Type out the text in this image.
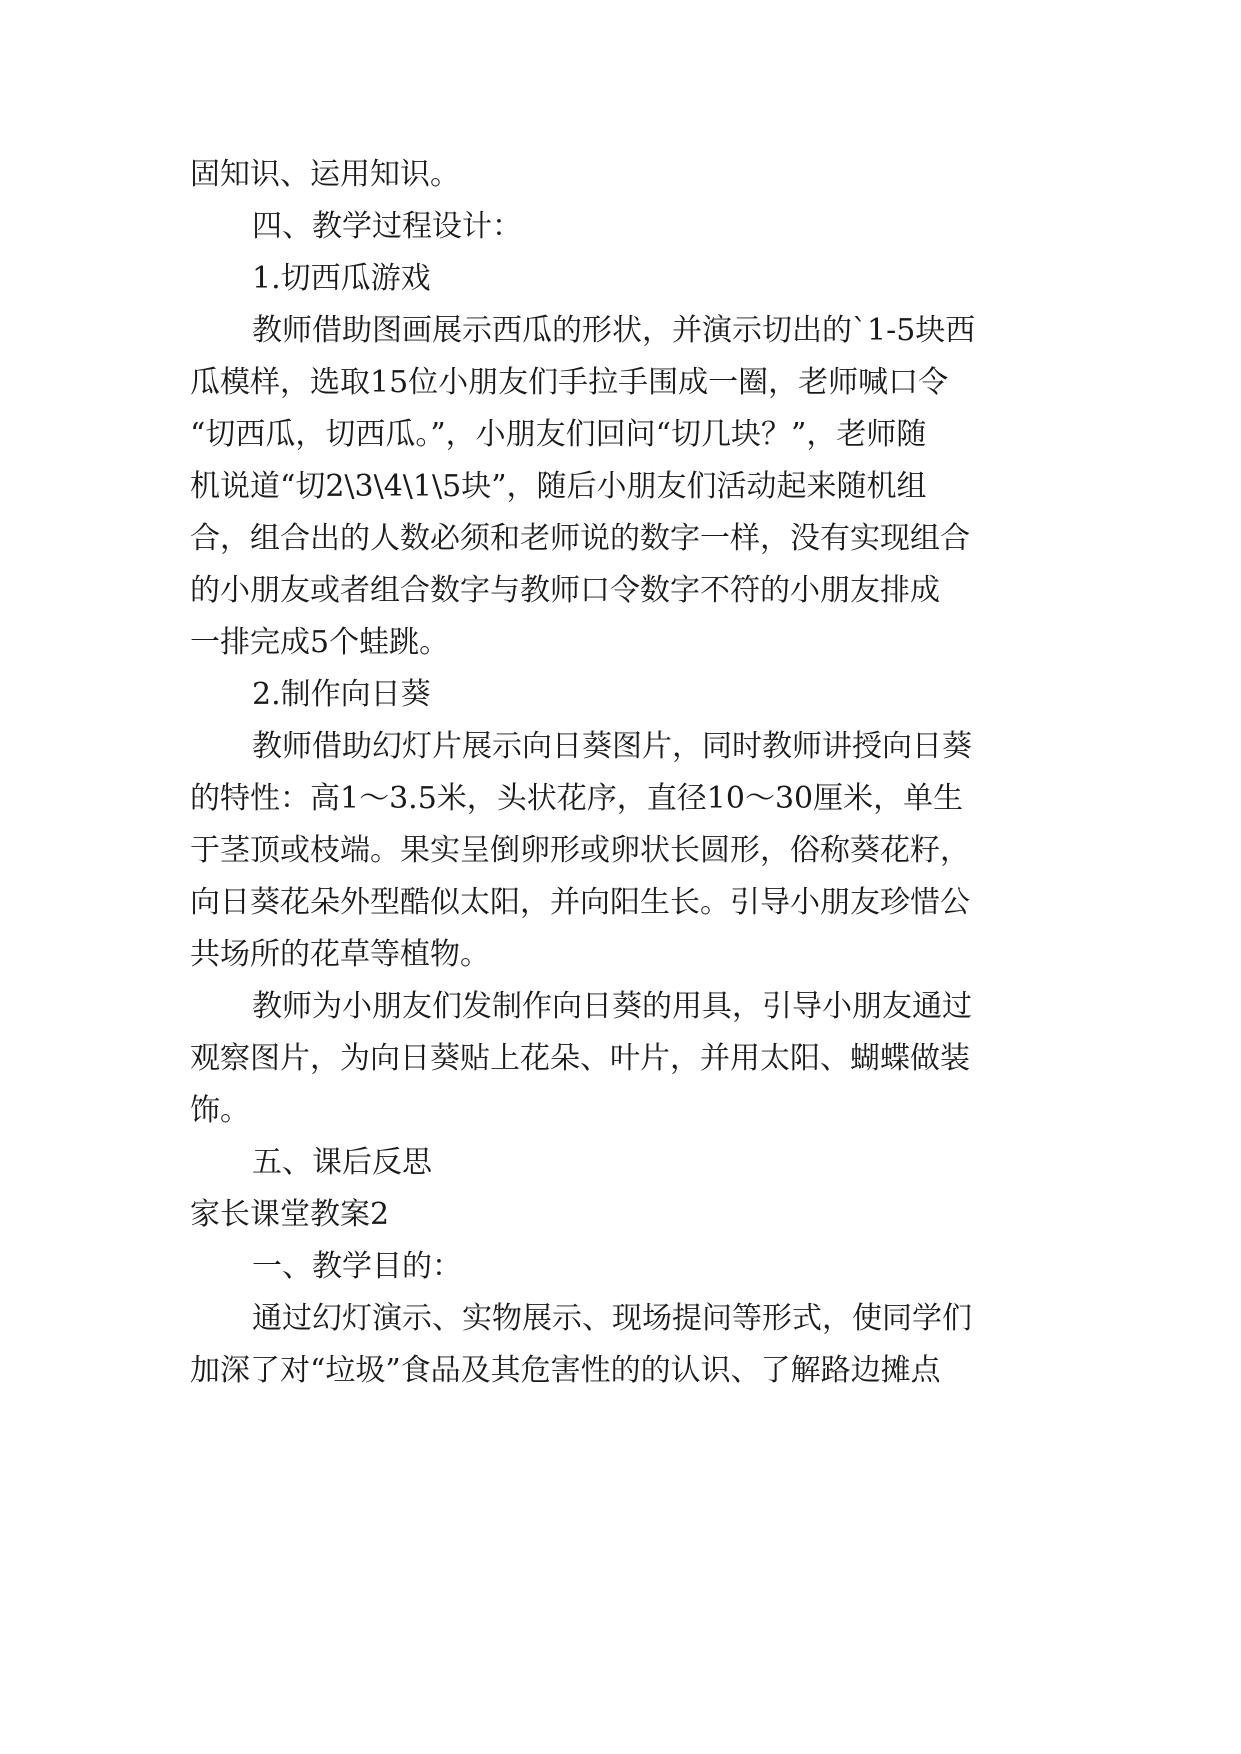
固知识、运用知识。
四、教学过程设计：
1.切西瓜游戏
教师借助图画展示西瓜的形状，并演示切出的`1-5块西
瓜模样，选取15位小朋友们手拉手围成一圈，老师喊口令
“切西瓜，切西瓜。”，小朋友们回问“切几块？”，老师随
机说道“切2\3\4\1\5块”，随后小朋友们活动起来随机组
合，组合出的人数必须和老师说的数字一样，没有实现组合
的小朋友或者组合数字与教师口令数字不符的小朋友排成
一排完成5个蛙跳。
2.制作向日葵
教师借助幻灯片展示向日葵图片，同时教师讲授向日葵
的特性：高1～3.5米，头状花序，直径10～30厘米，单生
于茎顶或枝端。果实呈倒卵形或卵状长圆形，俗称葵花籽，
向日葵花朵外型酷似太阳，并向阳生长。引导小朋友珍惜公
共场所的花草等植物。
教师为小朋友们发制作向日葵的用具，引导小朋友通过
观察图片，为向日葵贴上花朵、叶片，并用太阳、蝴蝶做装
饰。
五、课后反思
家长课堂教案2
一、教学目的：
通过幻灯演示、实物展示、现场提问等形式，使同学们
加深了对“垃圾”食品及其危害性的的认识、了解路边摊点
